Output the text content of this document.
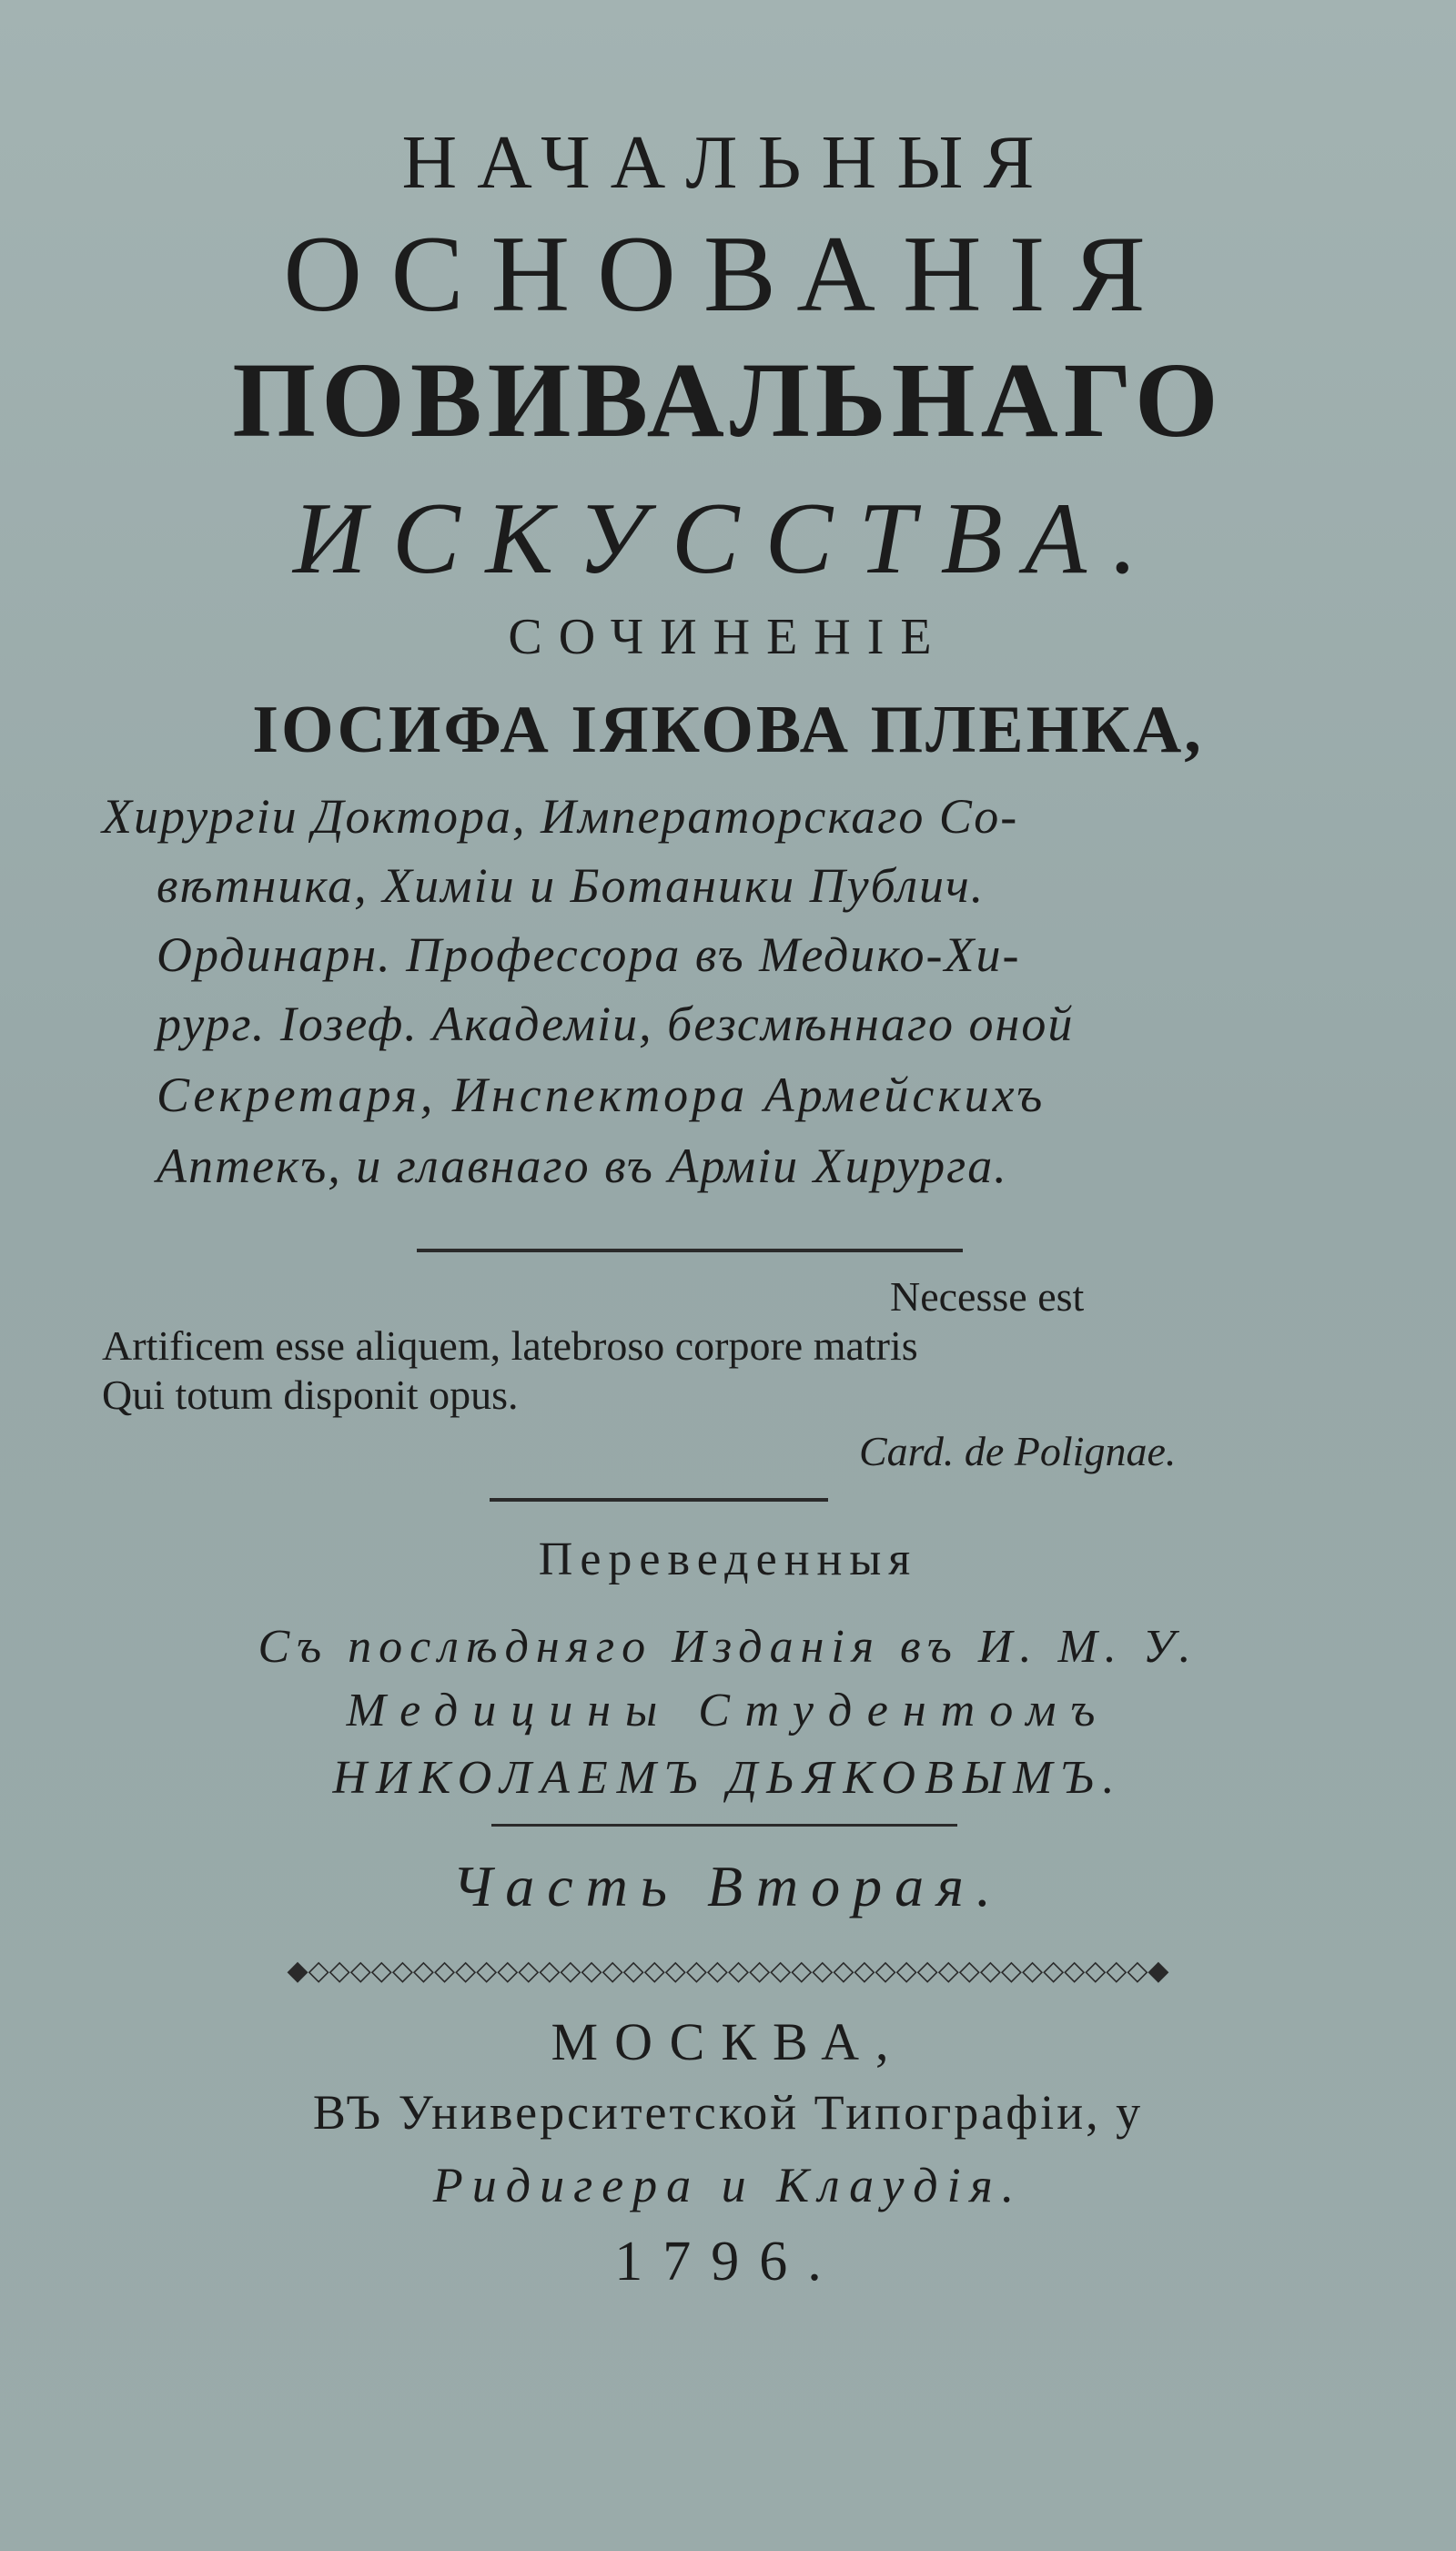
НАЧАЛЬНЫЯ
ОСНОВАНІЯ
ПОВИВАЛЬНАГО
ИСКУССТВА.
СОЧИНЕНІЕ
ІОСИФА ІЯКОВА ПЛЕНКА,
Хирургіи Доктора, Императорскаго Со-
вѣтника, Химіи и Ботаники Публич.
Ординарн. Профессора въ Медико-Хи-
рург. Іозеф. Академіи, безсмѣннаго оной
Секретаря, Инспектора Армейскихъ
Аптекъ, и главнаго въ Арміи Хирурга.
Necesse est
Artificem esse aliquem, latebroso corpore matris
Qui totum disponit opus.
Card. de Polignae.
Переведенныя
Съ послѣдняго Изданія въ И. М. У.
Медицины Студентомъ
НИКОЛАЕМЪ ДЬЯКОВЫМЪ.
Часть Вторая.
◆◇◇◇◇◇◇◇◇◇◇◇◇◇◇◇◇◇◇◇◇◇◇◇◇◇◇◇◇◇◇◇◇◇◇◇◇◇◇◇◇◆
МОСКВА,
ВЪ Университетской Типографіи, у
Ридигера и Клаудія.
1796.
